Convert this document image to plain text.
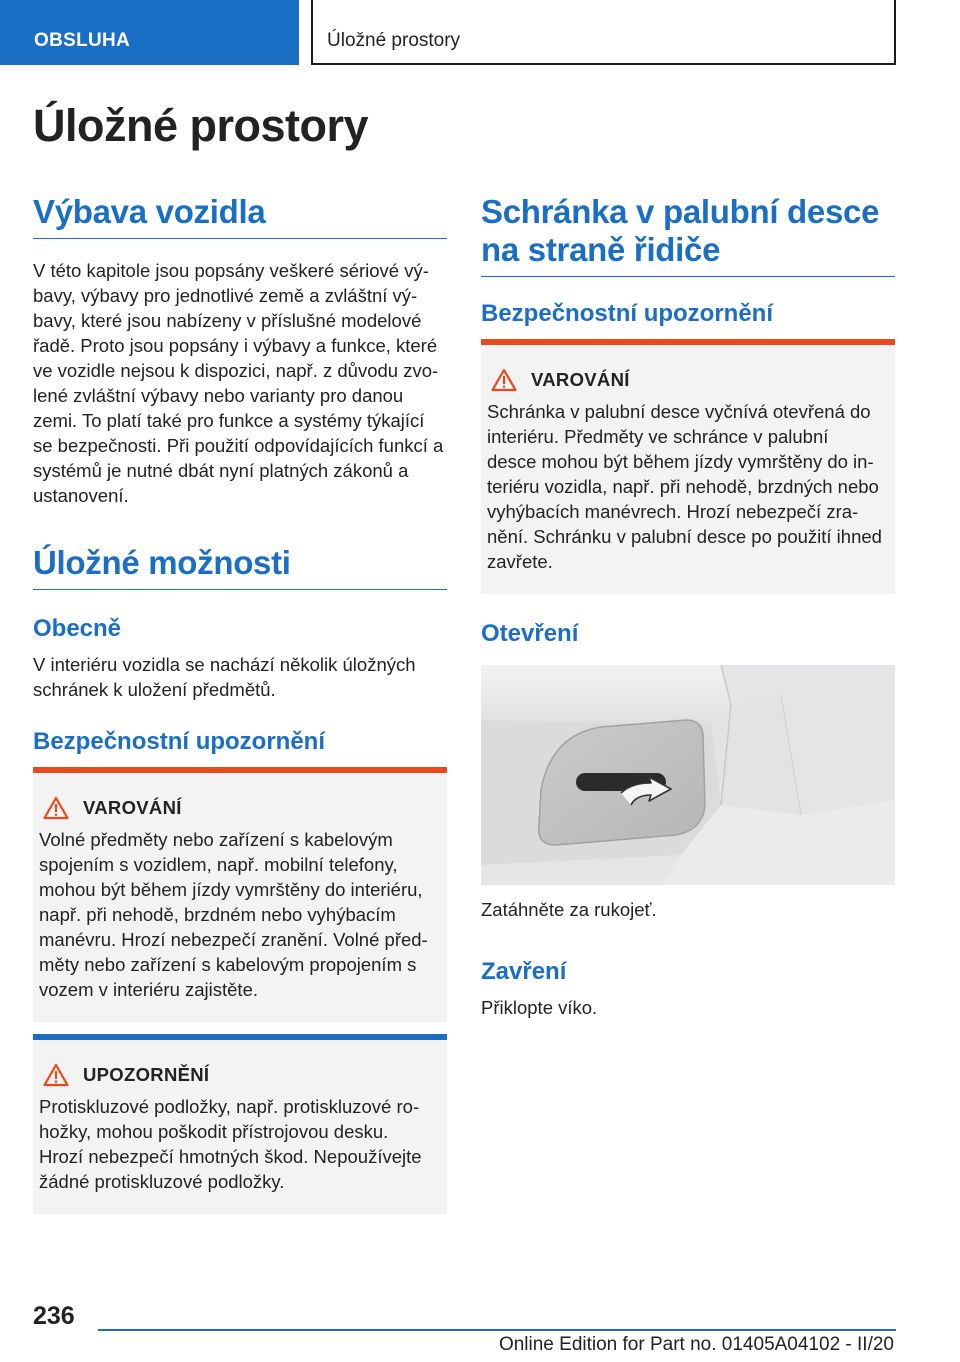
OBSLUHA	Úložné prostory
Úložné prostory
Výbava vozidla

V této kapitole jsou popsány veškeré sériové vý-
bavy, výbavy pro jednotlivé země a zvláštní vý-
bavy, které jsou nabízeny v příslušné modelové
řadě. Proto jsou popsány i výbavy a funkce, které
ve vozidle nejsou k dispozici, např. z důvodu zvo-
lené zvláštní výbavy nebo varianty pro danou
zemi. To platí také pro funkce a systémy týkající
se bezpečnosti. Při použití odpovídajících funkcí a
systémů je nutné dbát nyní platných zákonů a
ustanovení.

Úložné možnosti
Obecně

V interiéru vozidla se nachází několik úložných
schránek k uložení předmětů.

Bezpečnostní upozornění
VAROVÁNÍ

Volné předměty nebo zařízení s kabelovým
spojením s vozidlem, např. mobilní telefony,
mohou být během jízdy vymrštěny do interiéru,
např. při nehodě, brzdném nebo vyhýbacím
manévru. Hrozí nebezpečí zranění. Volné před-
měty nebo zařízení s kabelovým propojením s
vozem v interiéru zajistěte.

UPOZORNĚNÍ

Protiskluzové podložky, např. protiskluzové ro-
hožky, mohou poškodit přístrojovou desku.
Hrozí nebezpečí hmotných škod. Nepoužívejte
žádné protiskluzové podložky.

Schránka v palubní desce
na straně řidiče
Bezpečnostní upozornění
VAROVÁNÍ

Schránka v palubní desce vyčnívá otevřená do
interiéru. Předměty ve schránce v palubní
desce mohou být během jízdy vymrštěny do in-
teriéru vozidla, např. při nehodě, brzdných nebo
vyhýbacích manévrech. Hrozí nebezpečí zra-
nění. Schránku v palubní desce po použití ihned
zavřete.

Otevření

Zatáhněte za rukojeť.

Zavření

Přiklopte víko.

236
Online Edition for Part no. 01405A04102 - II/20
